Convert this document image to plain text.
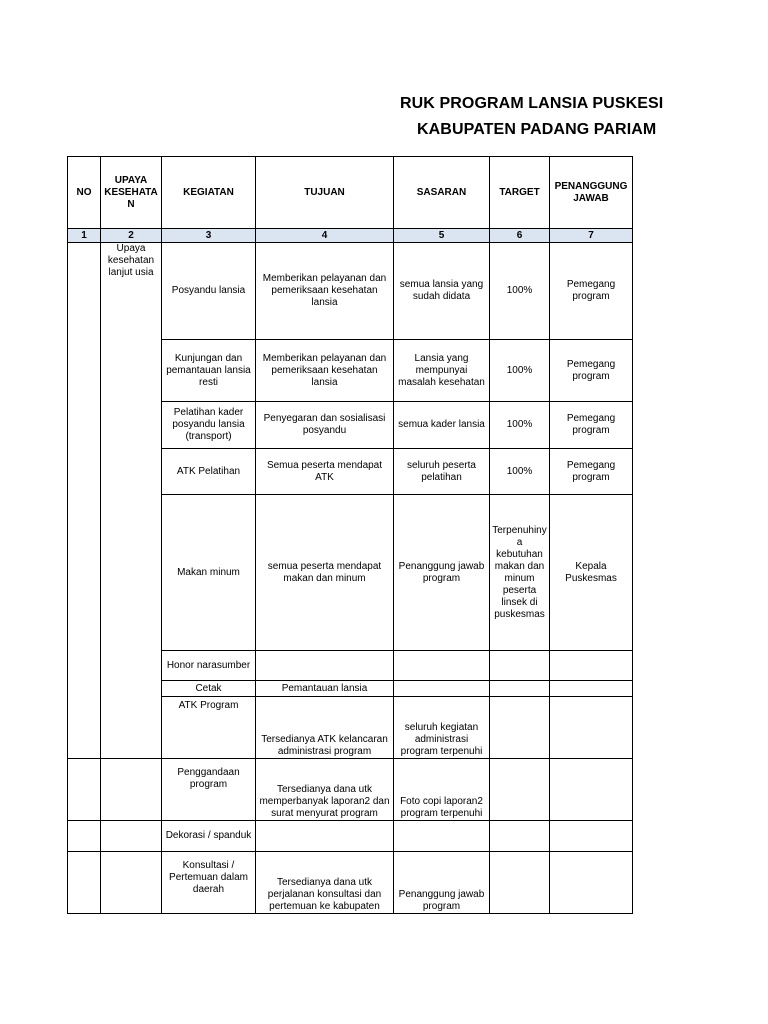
RUK PROGRAM LANSIA PUSKESI
KABUPATEN PADANG PARIAM
NO	UPAYA KESEHATAN	KEGIATAN	TUJUAN	SASARAN	TARGET	PENANGGUNG JAWAB
1	2	3	4	5	6	7
	Upaya kesehatan lanjut usia	Posyandu lansia	Memberikan pelayanan dan pemeriksaan kesehatan lansia	semua lansia yang sudah didata	100%	Pemegang program
		Kunjungan dan pemantauan lansia resti	Memberikan pelayanan dan pemeriksaan kesehatan lansia	Lansia yang mempunyai masalah kesehatan	100%	Pemegang program
		Pelatihan kader posyandu lansia (transport)	Penyegaran dan sosialisasi posyandu	semua kader lansia	100%	Pemegang program
		ATK Pelatihan	Semua peserta mendapat ATK	seluruh peserta pelatihan	100%	Pemegang program
		Makan minum	semua peserta mendapat makan dan minum	Penanggung jawab program	Terpenuhinya kebutuhan makan dan minum peserta linsek di puskesmas	Kepala Puskesmas
		Honor narasumber				
		Cetak	Pemantauan lansia			
		ATK Program	Tersedianya ATK kelancaran administrasi program	seluruh kegiatan administrasi program terpenuhi		
		Penggandaan program	Tersedianya dana utk memperbanyak laporan2 dan surat menyurat program	Foto copi laporan2 program terpenuhi		
		Dekorasi / spanduk				
		Konsultasi / Pertemuan dalam daerah	Tersedianya dana utk perjalanan konsultasi dan pertemuan ke kabupaten	Penanggung jawab program		
